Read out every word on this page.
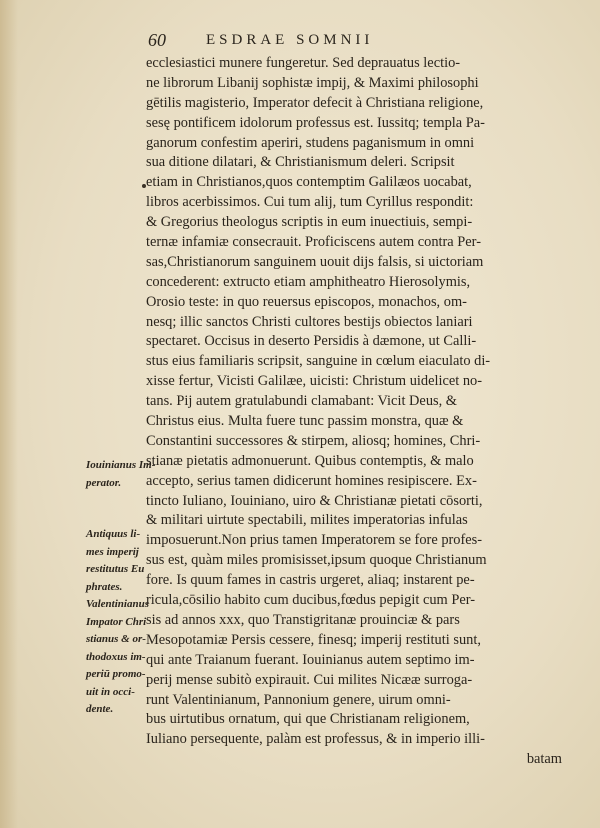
60	ESDRAE SOMNII
ecclesiastici munere fungeretur. Sed deprauatus lectio-
ne librorum Libanij sophistæ impij, & Maximi philosophi
gētilis magisterio, Imperator defecit à Christiana religione,
sesę pontificem idolorum professus est. Iussitq; templa Pa-
ganorum confestim aperiri, studens paganismum in omni
sua ditione dilatari, & Christianismum deleri. Scripsit
etiam in Christianos,quos contemptim Galilæos uocabat,
libros acerbissimos. Cui tum alij, tum Cyrillus respondit:
& Gregorius theologus scriptis in eum inuectiuis, sempi-
ternæ infamiæ consecrauit. Proficiscens autem contra Per-
sas,Christianorum sanguinem uouit dijs falsis, si uictoriam
concederent: extructo etiam amphitheatro Hierosolymis,
Orosio teste: in quo reuersus episcopos, monachos, om-
nesq; illic sanctos Christi cultores bestijs obiectos laniari
spectaret. Occisus in deserto Persidis à dæmone, ut Calli-
stus eius familiaris scripsit, sanguine in cœlum eiaculato di-
xisse fertur, Vicisti Galilæe, uicisti: Christum uidelicet no-
tans. Pij autem gratulabundi clamabant: Vicit Deus, &
Christus eius. Multa fuere tunc passim monstra, quæ &
Constantini successores & stirpem, aliosq; homines, Chri-
stianæ pietatis admonuerunt. Quibus contemptis, & malo
accepto, serius tamen didicerunt homines resipiscere. Ex-
tincto Iuliano, Iouiniano, uiro & Christianæ pietati cōsorti,
& militari uirtute spectabili, milites imperatorias infulas
imposuerunt.Non prius tamen Imperatorem se fore profes-
sus est, quàm miles promisisset,ipsum quoque Christianum
fore. Is quum fames in castris urgeret, aliaq; instarent pe-
ricula,cōsilio habito cum ducibus,fœdus pepigit cum Per-
sis ad annos xxx, quo Transtigritanæ prouinciæ & pars
Mesopotamiæ Persis cessere, finesq; imperij restituti sunt,
qui ante Traianum fuerant. Iouinianus autem septimo im-
perij mense subitò expirauit. Cui milites Nicææ surroga-
runt Valentinianum, Pannonium genere, uirum omni-
bus uirtutibus ornatum, qui que Christianam religionem,
Iuliano persequente, palàm est professus, & in imperio illi-
batam
Iouinianus Im-
perator.
Antiquus li-
mes imperij
restitutus Eu
phrates.
Valentinianus
Impator Chri
stianus & or-
thodoxus im-
periū promo-
uit in occi-
dente.
